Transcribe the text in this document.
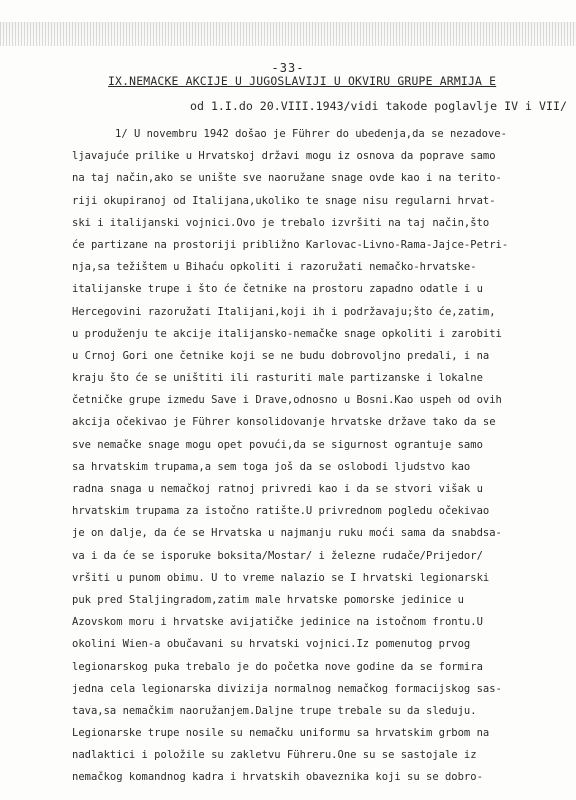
-33-
IX.NEMACKE AKCIJE U JUGOSLAVIJI U OKVIRU GRUPE ARMIJA E
od 1.I.do 20.VIII.1943/vidi takode poglavlje IV i VII/
1/ U novembru 1942 došao je Führer do ubedenja,da se nezadove-
ljavajuće prilike u Hrvatskoj državi mogu iz osnova da poprave samo
na taj način,ako se unište sve naoružane snage ovde kao i na terito-
riji okupiranoj od Italijana,ukoliko te snage nisu regularni hrvat-
ski i italijanski vojnici.Ovo je trebalo izvršiti na taj način,što
će partizane na prostoriji približno Karlovac-Livno-Rama-Jajce-Petri-
nja,sa težištem u Bihaću opkoliti i razoružati nemačko-hrvatske-
italijanske trupe i što će četnike na prostoru zapadno odatle i u
Hercegovini razoružati Italijani,koji ih i podržavaju;što će,zatim,
u produženju te akcije italijansko-nemačke snage opkoliti i zarobiti
u Crnoj Gori one četnike koji se ne budu dobrovoljno predali, i na
kraju što će se uništiti ili rasturiti male partizanske i lokalne
četničke grupe izmedu Save i Drave,odnosno u Bosni.Kao uspeh od ovih
akcija očekivao je Führer konsolidovanje hrvatske države tako da se
sve nemačke snage mogu opet povući,da se sigurnost ograntuje samo
sa hrvatskim trupama,a sem toga još da se oslobodi ljudstvo kao
radna snaga u nemačkoj ratnoj privredi kao i da se stvori višak u
hrvatskim trupama za istočno ratište.U privrednom pogledu očekivao
je on dalje, da će se Hrvatska u najmanju ruku moći sama da snabdsa-
va i da će se isporuke boksita/Mostar/ i železne rudače/Prijedor/
vršiti u punom obimu. U to vreme nalazio se I hrvatski legionarski
puk pred Staljingradom,zatim male hrvatske pomorske jedinice u
Azovskom moru i hrvatske avijatičke jedinice na istočnom frontu.U
okolini Wien-a obučavani su hrvatski vojnici.Iz pomenutog prvog
legionarskog puka trebalo je do početka nove godine da se formira
jedna cela legionarska divizija normalnog nemačkog formacijskog sas-
tava,sa nemačkim naoružanjem.Daljne trupe trebale su da sleduju.
Legionarske trupe nosile su nemačku uniformu sa hrvatskim grbom na
nadlaktici i položile su zakletvu Führeru.One su se sastojale iz
nemačkog komandnog kadra i hrvatskih obaveznika koji su se dobro-
